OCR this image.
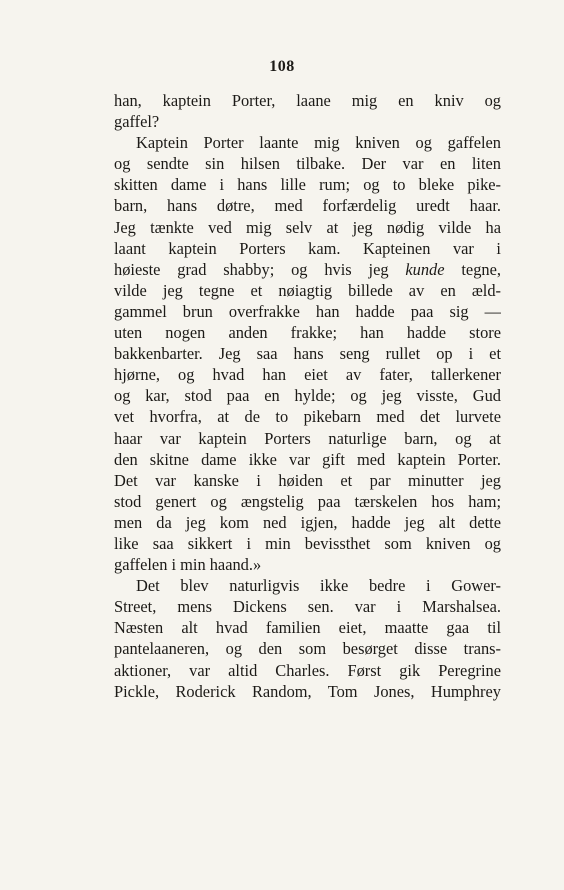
108
han, kaptein Porter, laane mig en kniv og
gaffel?
Kaptein Porter laante mig kniven og gaffelen
og sendte sin hilsen tilbake. Der var en liten
skitten dame i hans lille rum; og to bleke pike-
barn, hans døtre, med forfærdelig uredt haar.
Jeg tænkte ved mig selv at jeg nødig vilde ha
laant kaptein Porters kam. Kapteinen var i
høieste grad shabby; og hvis jeg kunde tegne,
vilde jeg tegne et nøiagtig billede av en æld-
gammel brun overfrakke han hadde paa sig —
uten nogen anden frakke; han hadde store
bakkenbarter. Jeg saa hans seng rullet op i et
hjørne, og hvad han eiet av fater, tallerkener
og kar, stod paa en hylde; og jeg visste, Gud
vet hvorfra, at de to pikebarn med det lurvete
haar var kaptein Porters naturlige barn, og at
den skitne dame ikke var gift med kaptein Porter.
Det var kanske i høiden et par minutter jeg
stod genert og ængstelig paa tærskelen hos ham;
men da jeg kom ned igjen, hadde jeg alt dette
like saa sikkert i min bevissthet som kniven og
gaffelen i min haand.»
Det blev naturligvis ikke bedre i Gower-
Street, mens Dickens sen. var i Marshalsea.
Næsten alt hvad familien eiet, maatte gaa til
pantelaaneren, og den som besørget disse trans-
aktioner, var altid Charles. Først gik Peregrine
Pickle, Roderick Random, Tom Jones, Humphrey
